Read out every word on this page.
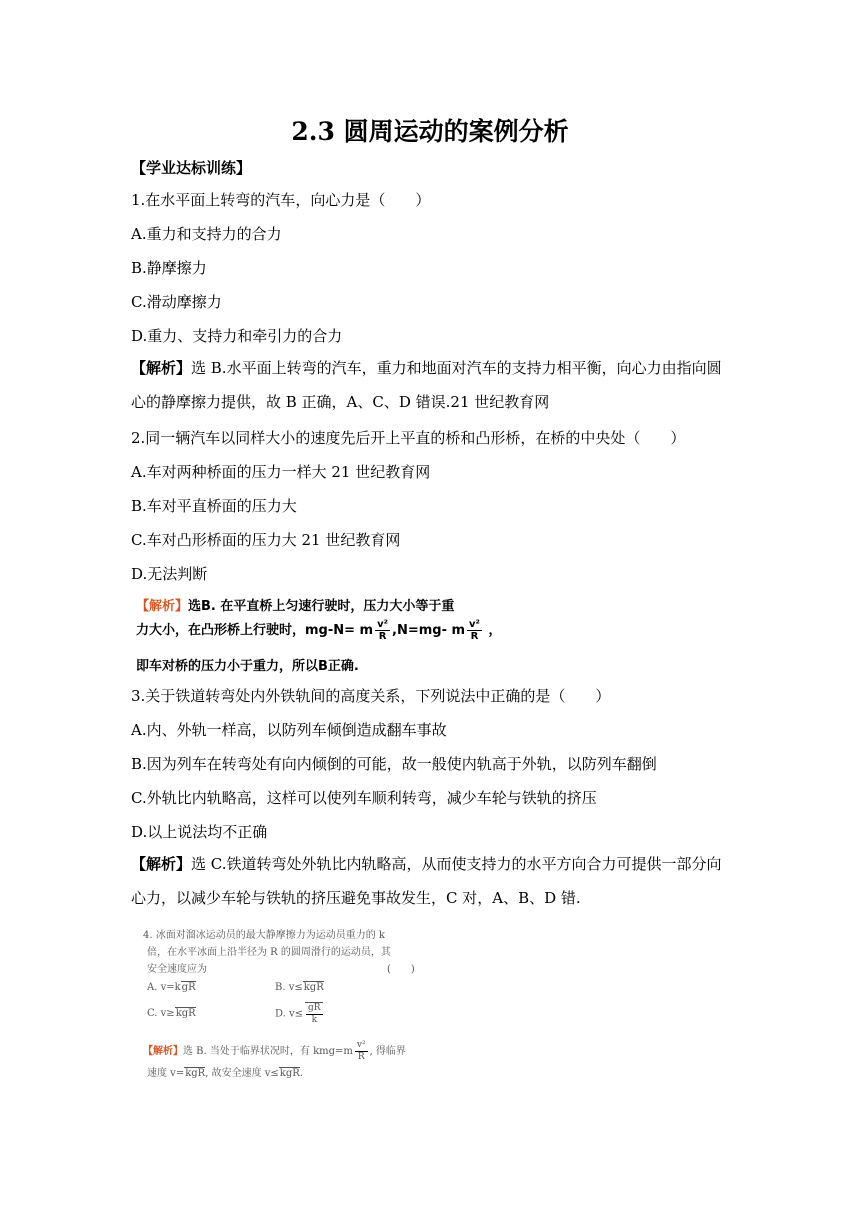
2.3 圆周运动的案例分析
【学业达标训练】
1.在水平面上转弯的汽车，向心力是（　　）
A.重力和支持力的合力
B.静摩擦力
C.滑动摩擦力
D.重力、支持力和牵引力的合力
【解析】选 B.水平面上转弯的汽车，重力和地面对汽车的支持力相平衡，向心力由指向圆心的静摩擦力提供，故 B 正确，A、C、D 错误.21 世纪教育网
2.同一辆汽车以同样大小的速度先后开上平直的桥和凸形桥，在桥的中央处（　　）
A.车对两种桥面的压力一样大 21 世纪教育网
B.车对平直桥面的压力大
C.车对凸形桥面的压力大 21 世纪教育网
D.无法判断
【解析】选B. 在平直桥上匀速行驶时，压力大小等于重
力大小，在凸形桥上行驶时，mg-N= m $\frac{\text{v²}}{R} ,N=mg-$ m $\frac{\text{v²}}{R}$ ，
即车对桥的压力小于重力，所以B正确.
3.关于铁道转弯处内外铁轨间的高度关系，下列说法中正确的是（　　）
A.内、外轨一样高，以防列车倾倒造成翻车事故
B.因为列车在转弯处有向内倾倒的可能，故一般使内轨高于外轨，以防列车翻倒
C.外轨比内轨略高，这样可以使列车顺利转弯，减少车轮与铁轨的挤压
D.以上说法均不正确
【解析】选 C.铁道转弯处外轨比内轨略高，从而使支持力的水平方向合力可提供一部分向心力，以减少车轮与铁轨的挤压避免事故发生，C 对，A、B、D 错.
4. 冰面对溜冰运动员的最大静摩擦力为运动员重力的 k
倍，在水平冰面上沿半径为 R 的圆周滑行的运动员，其
安全速度应为	(　　)
A. v=kgR	B. v≤kgR
C. v≥kgR	D. $v\le \frac{gR}{k}$
【解析】选 B. 当处于临界状况时，有 $kmg=m \frac{\text{v²}}{R}$ , 得临界
速度 v=kgR, 故安全速度 v≤kgR.
